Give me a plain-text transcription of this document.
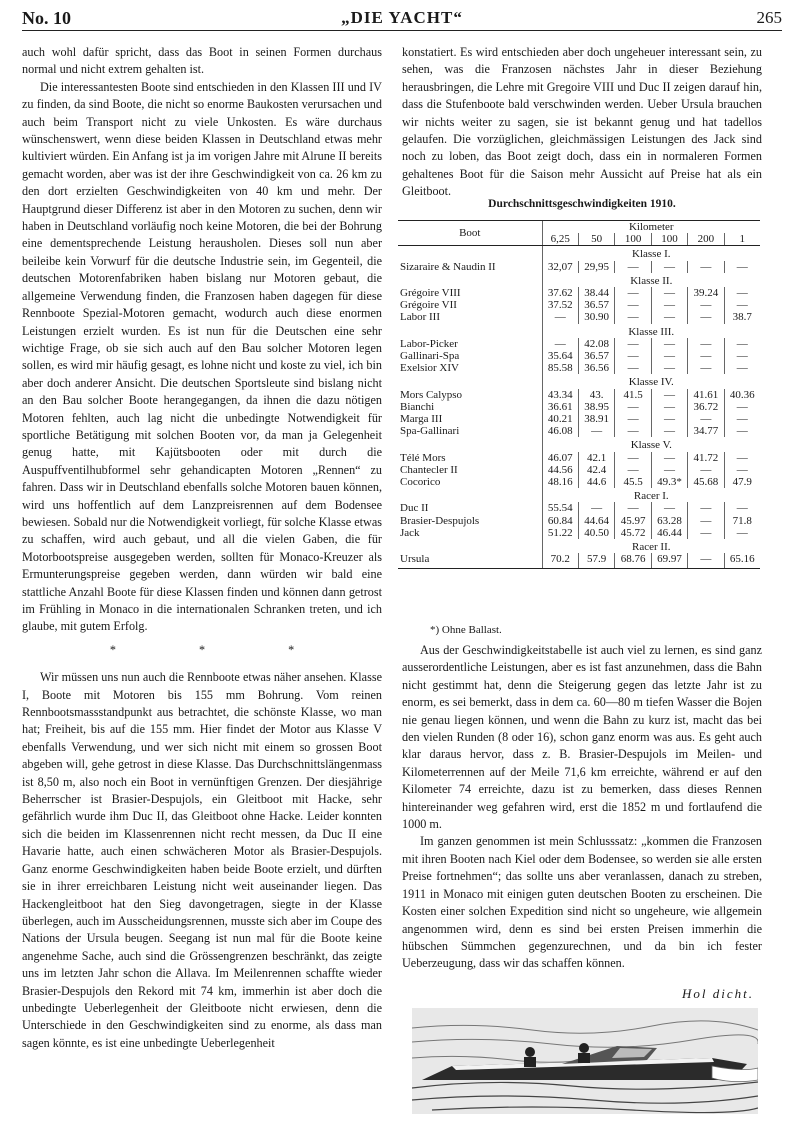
No. 10	„DIE YACHT“	265

auch wohl dafür spricht, dass das Boot in seinen Formen durchaus normal und nicht extrem gehalten ist.

Die interessantesten Boote sind entschieden in den Klassen III und IV zu finden, da sind Boote, die nicht so enorme Baukosten verursachen und auch beim Transport nicht zu viele Unkosten. Es wäre durchaus wünschenswert, wenn diese beiden Klassen in Deutschland etwas mehr kultiviert würden. Ein Anfang ist ja im vorigen Jahre mit Alrune II bereits gemacht worden, aber was ist der ihre Geschwindigkeit von ca. 26 km zu den dort erzielten Geschwindigkeiten von 40 km und mehr. Der Hauptgrund dieser Differenz ist aber in den Motoren zu suchen, denn wir haben in Deutschland vorläufig noch keine Motoren, die bei der Bohrung eine dementsprechende Leistung herausholen. Dieses soll nun aber beileibe kein Vorwurf für die deutsche Industrie sein, im Gegenteil, die deutschen Motorenfabriken haben bislang nur Motoren gebaut, die allgemeine Verwendung finden, die Franzosen haben dagegen für diese Rennboote Spezial-Motoren gemacht, wodurch auch diese enormen Leistungen erzielt wurden. Es ist nun für die Deutschen eine sehr wichtige Frage, ob sie sich auch auf den Bau solcher Motoren legen sollen, es wird mir häufig gesagt, es lohne nicht und koste zu viel, ich bin aber doch anderer Ansicht. Die deutschen Sportsleute sind bislang nicht an den Bau solcher Boote herangegangen, da ihnen die dazu nötigen Motoren fehlten, auch lag nicht die unbedingte Notwendigkeit für sportliche Betätigung mit solchen Booten vor, da man ja Gelegenheit genug hatte, mit Kajütsbooten oder mit durch die Auspuffventilhubformel sehr gehandicapten Motoren „Rennen“ zu fahren. Dass wir in Deutschland ebenfalls solche Motoren bauen können, wird uns hoffentlich auf dem Lanzpreisrennen auf dem Bodensee bewiesen. Sobald nur die Notwendigkeit vorliegt, für solche Klasse etwas zu schaffen, wird auch gebaut, und all die vielen Gaben, die für Motorbootspreise ausgegeben werden, sollten für Monaco-Kreuzer als Ermunterungspreise gegeben werden, dann würden wir bald eine stattliche Anzahl Boote für diese Klassen finden und können dann getrost im Frühling in Monaco in die internationalen Schranken treten, und ich glaube, mit gutem Erfolg.

* * *

Wir müssen uns nun auch die Rennboote etwas näher ansehen. Klasse I, Boote mit Motoren bis 155 mm Bohrung. Vom reinen Rennbootsmassstandpunkt aus betrachtet, die schönste Klasse, wo man hat; Freiheit, bis auf die 155 mm. Hier findet der Motor aus Klasse V ebenfalls Verwendung, und wer sich nicht mit einem so grossen Boot abgeben will, gehe getrost in diese Klasse. Das Durchschnittslängenmass ist 8,50 m, also noch ein Boot in vernünftigen Grenzen. Der diesjährige Beherrscher ist Brasier-Despujols, ein Gleitboot mit Hacke, sehr gefährlich wurde ihm Duc II, das Gleitboot ohne Hacke. Leider konnten sich die beiden im Klassenrennen nicht recht messen, da Duc II eine Havarie hatte, auch einen schwächeren Motor als Brasier-Despujols. Ganz enorme Geschwindigkeiten haben beide Boote erzielt, und dürften sie in ihrer erreichbaren Leistung nicht weit auseinander liegen. Das Hackengleitboot hat den Sieg davongetragen, siegte in der Klasse überlegen, auch im Ausscheidungsrennen, musste sich aber im Coupe des Nations der Ursula beugen. Seegang ist nun mal für die Boote keine angenehme Sache, auch sind die Grössengrenzen beschränkt, das zeigte uns im letzten Jahr schon die Allava. Im Meilenrennen schaffte wieder Brasier-Despujols den Rekord mit 74 km, immerhin ist aber doch die unbedingte Ueberlegenheit der Gleitboote nicht erwiesen, denn die Unterschiede in den Geschwindigkeiten sind zu enorme, als dass man sagen könnte, es ist eine unbedingte Ueberlegenheit

konstatiert. Es wird entschieden aber doch ungeheuer interessant sein, zu sehen, was die Franzosen nächstes Jahr in dieser Beziehung herausbringen, die Lehre mit Gregoire VIII und Duc II zeigen darauf hin, dass die Stufenboote bald verschwinden werden. Ueber Ursula brauchen wir nichts weiter zu sagen, sie ist bekannt genug und hat tadellos gelaufen. Die vorzüglichen, gleichmässigen Leistungen des Jack sind noch zu loben, das Boot zeigt doch, dass ein in normaleren Formen gehaltenes Boot für die Saison mehr Aussicht auf Preise hat als ein Gleitboot.

Durchschnittsgeschwindigkeiten 1910.
Boot	Kilometer					
	6,25	50	100	100	200	1
	Klasse I.					
Sizaraire & Naudin II	32,07	29,95	—	—	—	—
	Klasse II.					
Grégoire VIII	37.62	38.44	—	—	39.24	—
Grégoire VII	37.52	36.57	—	—	—	—
Labor III	—	30.90	—	—	—	38.7
	Klasse III.					
Labor-Picker	—	42.08	—	—	—	—
Gallinari-Spa	35.64	36.57	—	—	—	—
Exelsior XIV	85.58	36.56	—	—	—	—
	Klasse IV.					
Mors Calypso	43.34	43.	41.5	—	41.61	40.36
Bianchi	36.61	38.95	—	—	36.72	—
Marga III	40.21	38.91	—	—	—	—
Spa-Gallinari	46.08	—	—	—	34.77	—
	Klasse V.					
Télé Mors	46.07	42.1	—	—	41.72	—
Chantecler II	44.56	42.4	—	—	—	—
Cocorico	48.16	44.6	45.5	49.3*	45.68	47.9
	Racer I.					
Duc II	55.54	—	—	—	—	—
Brasier-Despujols	60.84	44.64	45.97	63.28	—	71.8
Jack	51.22	40.50	45.72	46.44	—	—
	Racer II.					
Ursula	70.2	57.9	68.76	69.97	—	65.16
*) Ohne Ballast.

Aus der Geschwindigkeitstabelle ist auch viel zu lernen, es sind ganz ausserordentliche Leistungen, aber es ist fast anzunehmen, dass die Bahn nicht gestimmt hat, denn die Steigerung gegen das letzte Jahr ist zu enorm, es sei bemerkt, dass in dem ca. 60—80 m tiefen Wasser die Bojen nie genau liegen können, und wenn die Bahn zu kurz ist, macht das bei den vielen Runden (8 oder 16), schon ganz enorm was aus. Es geht auch klar daraus hervor, dass z. B. Brasier-Despujols im Meilen- und Kilometerrennen auf der Meile 71,6 km erreichte, während er auf den Kilometer 74 erreichte, dazu ist zu bemerken, dass dieses Rennen hintereinander weg gefahren wird, erst die 1852 m und fortlaufend die 1000 m.

Im ganzen genommen ist mein Schlusssatz: „kommen die Franzosen mit ihren Booten nach Kiel oder dem Bodensee, so werden sie alle ersten Preise fortnehmen“; das sollte uns aber veranlassen, danach zu streben, 1911 in Monaco mit einigen guten deutschen Booten zu erscheinen. Die Kosten einer solchen Expedition sind nicht so ungeheure, wie allgemein angenommen wird, denn es sind bei ersten Preisen immerhin die hübschen Sümmchen gegenzurechnen, und da bin ich fester Ueberzeugung, dass wir das schaffen können.

Hol dicht.
